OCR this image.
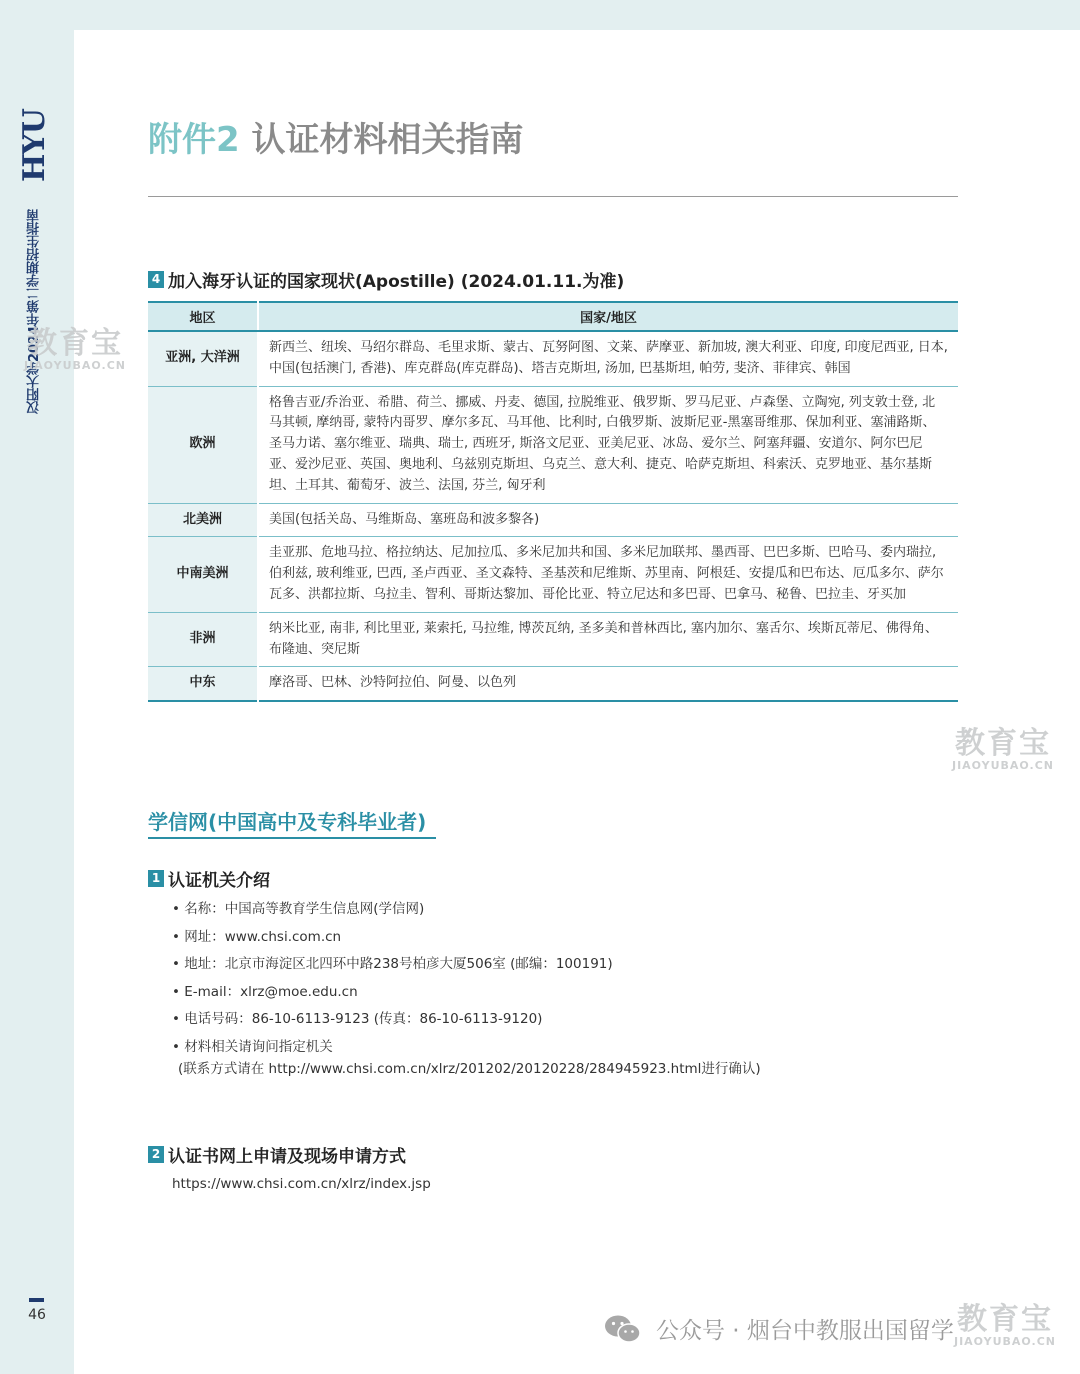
HYU
汉阳大学2024年第二学期招生指南
46
附件2 认证材料相关指南
4 加入海牙认证的国家现状(Apostille) (2024.01.11.为准)
地区	国家/地区
亚洲, 大洋洲	新西兰、纽埃、马绍尔群岛、毛里求斯、蒙古、瓦努阿图、文莱、萨摩亚、新加坡, 澳大利亚、印度, 印度尼西亚, 日本, 中国(包括澳门, 香港)、库克群岛(库克群岛)、塔吉克斯坦, 汤加, 巴基斯坦, 帕劳, 斐济、菲律宾、韩国
欧洲	格鲁吉亚/乔治亚、希腊、荷兰、挪威、丹麦、德国, 拉脱维亚、俄罗斯、罗马尼亚、卢森堡、立陶宛, 列支敦士登, 北马其顿, 摩纳哥, 蒙特内哥罗、摩尔多瓦、马耳他、比利时, 白俄罗斯、波斯尼亚-黑塞哥维那、保加利亚、塞浦路斯、圣马力诺、塞尔维亚、瑞典、瑞士, 西班牙, 斯洛文尼亚、亚美尼亚、冰岛、爱尔兰、阿塞拜疆、安道尔、阿尔巴尼亚、爱沙尼亚、英国、奥地利、乌兹别克斯坦、乌克兰、意大利、捷克、哈萨克斯坦、科索沃、克罗地亚、基尔基斯坦、土耳其、葡萄牙、波兰、法国, 芬兰, 匈牙利
北美洲	美国(包括关岛、马维斯岛、塞班岛和波多黎各)
中南美洲	圭亚那、危地马拉、格拉纳达、尼加拉瓜、多米尼加共和国、多米尼加联邦、墨西哥、巴巴多斯、巴哈马、委内瑞拉, 伯利兹, 玻利维亚, 巴西, 圣卢西亚、圣文森特、圣基茨和尼维斯、苏里南、阿根廷、安提瓜和巴布达、厄瓜多尔、萨尔瓦多、洪都拉斯、乌拉圭、智利、哥斯达黎加、哥伦比亚、特立尼达和多巴哥、巴拿马、秘鲁、巴拉圭、牙买加
非洲	纳米比亚, 南非, 利比里亚, 莱索托, 马拉维, 博茨瓦纳, 圣多美和普林西比, 塞内加尔、塞舌尔、埃斯瓦蒂尼、佛得角、布隆迪、突尼斯
中东	摩洛哥、巴林、沙特阿拉伯、阿曼、以色列
学信网(中国高中及专科毕业者)
1 认证机关介绍
• 名称：中国高等教育学生信息网(学信网)
• 网址：www.chsi.com.cn
• 地址：北京市海淀区北四环中路238号柏彦大厦506室 (邮编：100191)
• E-mail：xlrz@moe.edu.cn
• 电话号码：86-10-6113-9123 (传真：86-10-6113-9120)
• 材料相关请询问指定机关
(联系方式请在 http://www.chsi.com.cn/xlrz/201202/20120228/284945923.html进行确认)
2 认证书网上申请及现场申请方式
https://www.chsi.com.cn/xlrz/index.jsp
公众号 · 烟台中教服出国留学
教育宝
JIAOYUBAO.CN
教育宝
JIAOYUBAO.CN
教育宝
JIAOYUBAO.CN
